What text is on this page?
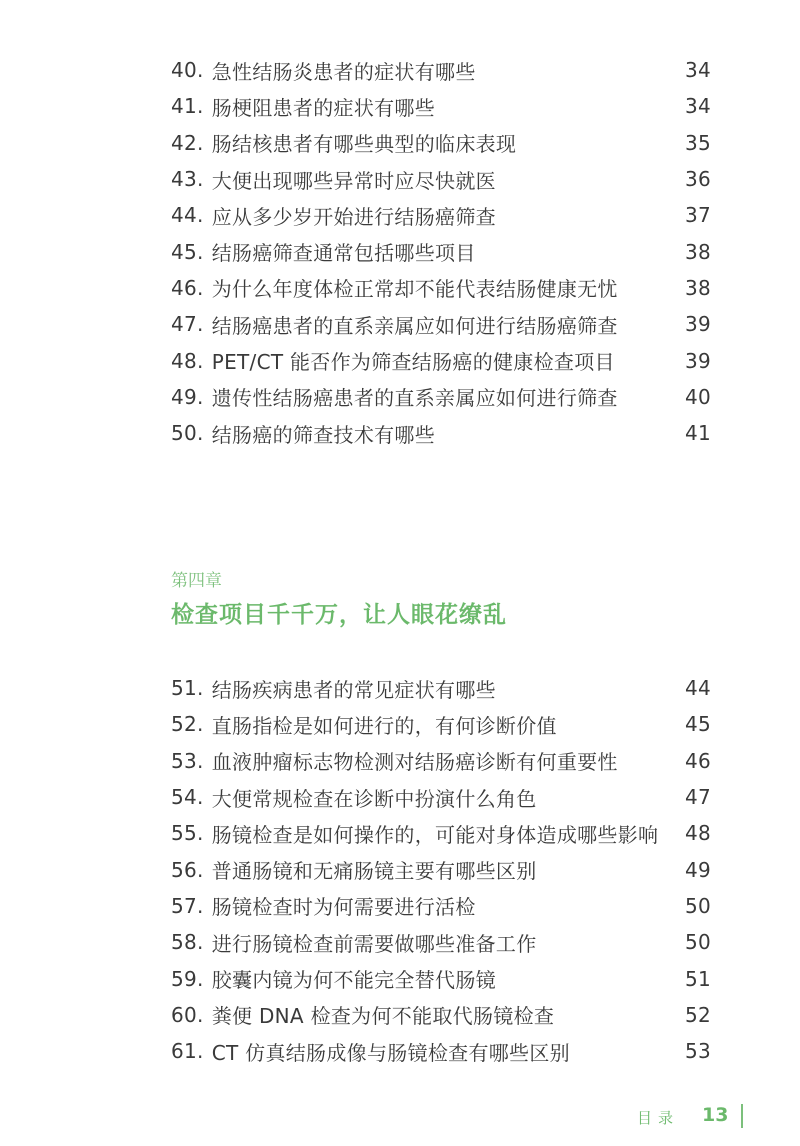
40. 急性结肠炎患者的症状有哪些	34
41. 肠梗阻患者的症状有哪些	34
42. 肠结核患者有哪些典型的临床表现	35
43. 大便出现哪些异常时应尽快就医	36
44. 应从多少岁开始进行结肠癌筛查	37
45. 结肠癌筛查通常包括哪些项目	38
46. 为什么年度体检正常却不能代表结肠健康无忧	38
47. 结肠癌患者的直系亲属应如何进行结肠癌筛查	39
48. PET/CT 能否作为筛查结肠癌的健康检查项目	39
49. 遗传性结肠癌患者的直系亲属应如何进行筛查	40
50. 结肠癌的筛查技术有哪些	41
第四章
检查项目千千万，让人眼花缭乱
51. 结肠疾病患者的常见症状有哪些	44
52. 直肠指检是如何进行的，有何诊断价值	45
53. 血液肿瘤标志物检测对结肠癌诊断有何重要性	46
54. 大便常规检查在诊断中扮演什么角色	47
55. 肠镜检查是如何操作的，可能对身体造成哪些影响 48
56. 普通肠镜和无痛肠镜主要有哪些区别	49
57. 肠镜检查时为何需要进行活检	50
58. 进行肠镜检查前需要做哪些准备工作	50
59. 胶囊内镜为何不能完全替代肠镜	51
60. 粪便 DNA 检查为何不能取代肠镜检查	52
61. CT 仿真结肠成像与肠镜检查有哪些区别	53
目录 13
